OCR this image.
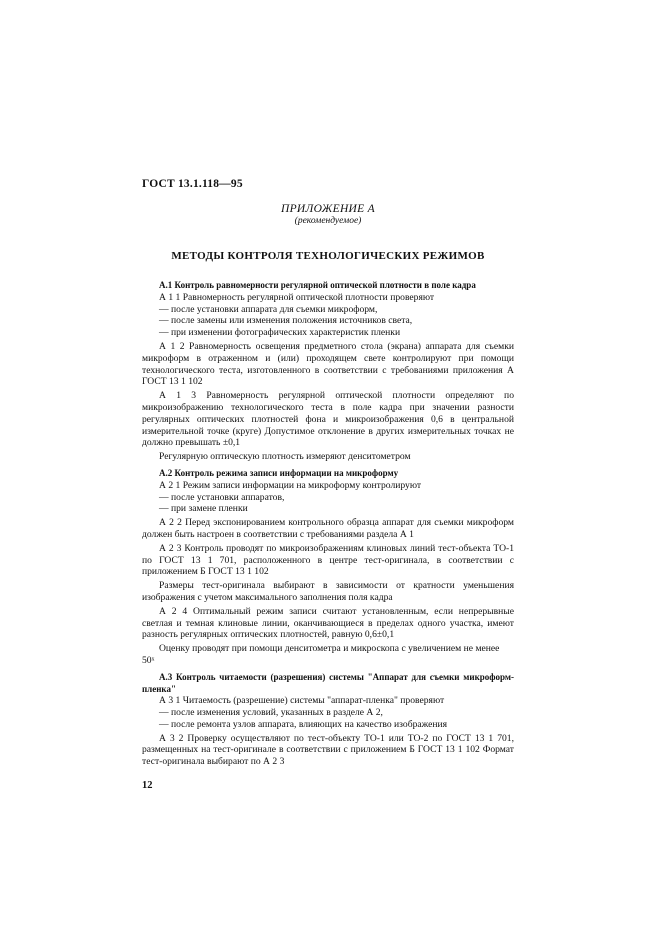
ГОСТ 13.1.118—95
ПРИЛОЖЕНИЕ А
(рекомендуемое)
МЕТОДЫ КОНТРОЛЯ ТЕХНОЛОГИЧЕСКИХ РЕЖИМОВ

А.1 Контроль равномерности регулярной оптической плотности в поле кадра

А 1 1 Равномерность регулярной оптической плотности проверяют

— после установки аппарата для съемки микроформ,

— после замены или изменения положения источников света,

— при изменении фотографических характеристик пленки

А 1 2 Равномерность освещения предметного стола (экрана) аппарата для съемки микроформ в отраженном и (или) проходящем свете контролируют при помощи технологического теста, изготовленного в соответствии с требованиями приложения А ГОСТ 13 1 102

А 1 3 Равномерность регулярной оптической плотности определяют по микроизображению технологического теста в поле кадра при значении разности регулярных оптических плотностей фона и микроизображения 0,6 в центральной измерительной точке (круге) Допустимое отклонение в других измерительных точках не должно превышать ±0,1

Регулярную оптическую плотность измеряют денситометром

А.2 Контроль режима записи информации на микроформу

А 2 1 Режим записи информации на микроформу контролируют

— после установки аппаратов,

— при замене пленки

А 2 2 Перед экспонированием контрольного образца аппарат для съемки микроформ должен быть настроен в соответствии с требованиями раздела А 1

А 2 3 Контроль проводят по микроизображениям клиновых линий тест-объекта ТО-1 по ГОСТ 13 1 701, расположенного в центре тест-оригинала, в соответствии с приложением Б ГОСТ 13 1 102

Размеры тест-оригинала выбирают в зависимости от кратности уменьшения изображения с учетом максимального заполнения поля кадра

А 2 4 Оптимальный режим записи считают установленным, если непрерывные светлая и темная клиновые линии, оканчивающиеся в пределах одного участка, имеют разность регулярных оптических плотностей, равную 0,6±0,1

Оценку проводят при помощи денситометра и микроскопа с увеличением не менее 50ˣ

А.3 Контроль читаемости (разрешения) системы "Аппарат для съемки микроформ-пленка"

А 3 1 Читаемость (разрешение) системы "аппарат-пленка" проверяют

— после изменения условий, указанных в разделе А 2,

— после ремонта узлов аппарата, влияющих на качество изображения

А 3 2 Проверку осуществляют по тест-объекту ТО-1 или ТО-2 по ГОСТ 13 1 701, размещенных на тест-оригинале в соответствии с приложением Б ГОСТ 13 1 102 Формат тест-оригинала выбирают по А 2 3

12
